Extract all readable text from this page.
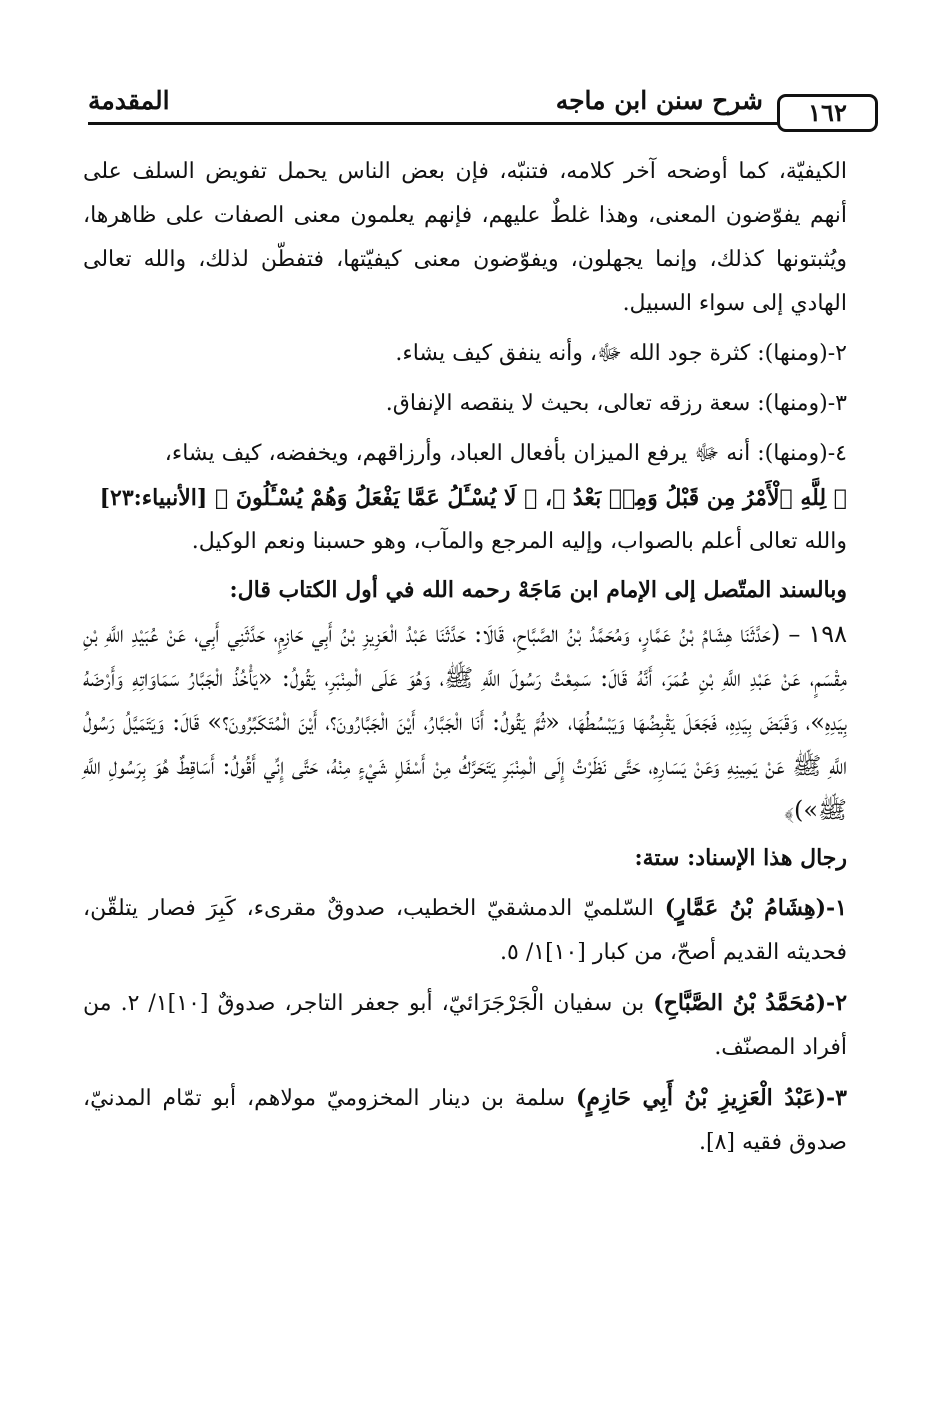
١٦٢
شرح سنن ابن ماجه
المقدمة

الكيفيّة، كما أوضحه آخر كلامه، فتنبّه، فإن بعض الناس يحمل تفويض السلف على أنهم يفوّضون المعنى، وهذا غلطٌ عليهم، فإنهم يعلمون معنى الصفات على ظاهرها، ويُثبتونها كذلك، وإنما يجهلون، ويفوّضون معنى كيفيّتها، فتفطّن لذلك، والله تعالى الهادي إلى سواء السبيل.

٢-(ومنها): كثرة جود الله ﷻ، وأنه ينفق كيف يشاء.

٣-(ومنها): سعة رزقه تعالى، بحيث لا ينقصه الإنفاق.

٤-(ومنها): أنه ﷻ يرفع الميزان بأفعال العباد، وأرزاقهم، ويخفضه، كيف يشاء،

﴿ لِلَّهِ ٱلْأَمْرُ مِن قَبْلُ وَمِنۢ بَعْدُ ﴾، ﴿ لَا يُسْـَٔلُ عَمَّا يَفْعَلُ وَهُمْ يُسْـَٔلُونَ ﴾ [الأنبياء:٢٣]

والله تعالى أعلم بالصواب، وإليه المرجع والمآب، وهو حسبنا ونعم الوكيل.

وبالسند المتّصل إلى الإمام ابن مَاجَهْ رحمه الله في أول الكتاب قال:

١٩٨ – (حَدَّثَنَا هِشَامُ بْنُ عَمَّارٍ، وَمُحَمَّدُ بْنُ الصَّبَّاحِ، قَالَا: حَدَّثَنَا عَبْدُ الْعَزِيزِ بْنُ أَبِي حَازِمٍ، حَدَّثَنِي أَبِي، عَنْ عُبَيْدِ اللَّهِ بْنِ مِقْسَمٍ، عَنْ عَبْدِ اللَّهِ بْنِ عُمَرَ، أَنَّهُ قَالَ: سَمِعْتُ رَسُولَ اللَّهِ ﷺ، وَهُوَ عَلَى الْمِنْبَرِ، يَقُولُ: «يَأْخُذُ الْجَبَّارُ سَمَاوَاتِهِ وَأَرْضَهُ بِيَدِهِ»، وَقَبَضَ بِيَدِهِ، فَجَعَلَ يَقْبِضُهَا وَيَبْسُطُهَا، «ثُمَّ يَقُولُ: أَنَا الْجَبَّارُ، أَيْنَ الْجَبَّارُونَ؟، أَيْنَ الْمُتَكَبِّرُونَ؟» قَالَ: وَيَتَمَيَّلُ رَسُولُ اللَّهِ ﷺ عَنْ يَمِينِهِ وَعَنْ يَسَارِهِ، حَتَّى نَظَرْتُ إِلَى الْمِنْبَرِ يَتَحَرَّكُ مِنْ أَسْفَلِ شَيْءٍ مِنْهُ، حَتَّى إِنِّي أَقُولُ: أَسَاقِطٌ هُوَ بِرَسُولِ اللَّهِ ﷺ»)﴾

رجال هذا الإسناد: ستة:

١-(هِشَامُ بْنُ عَمَّارٍ) السّلميّ الدمشقيّ الخطيب، صدوقٌ مقرىء، كَبِرَ فصار يتلقّن، فحديثه القديم أصحّ، من كبار [١٠]١/ ٥.

٢-(مُحَمَّدُ بْنُ الصَّبَّاحِ) بن سفيان الْجَرْجَرَائيّ، أبو جعفر التاجر، صدوقٌ [١٠]١/ ٢. من أفراد المصنّف.

٣-(عَبْدُ الْعَزِيزِ بْنُ أَبِي حَازِمٍ) سلمة بن دينار المخزوميّ مولاهم، أبو تمّام المدنيّ، صدوق فقيه [٨].
